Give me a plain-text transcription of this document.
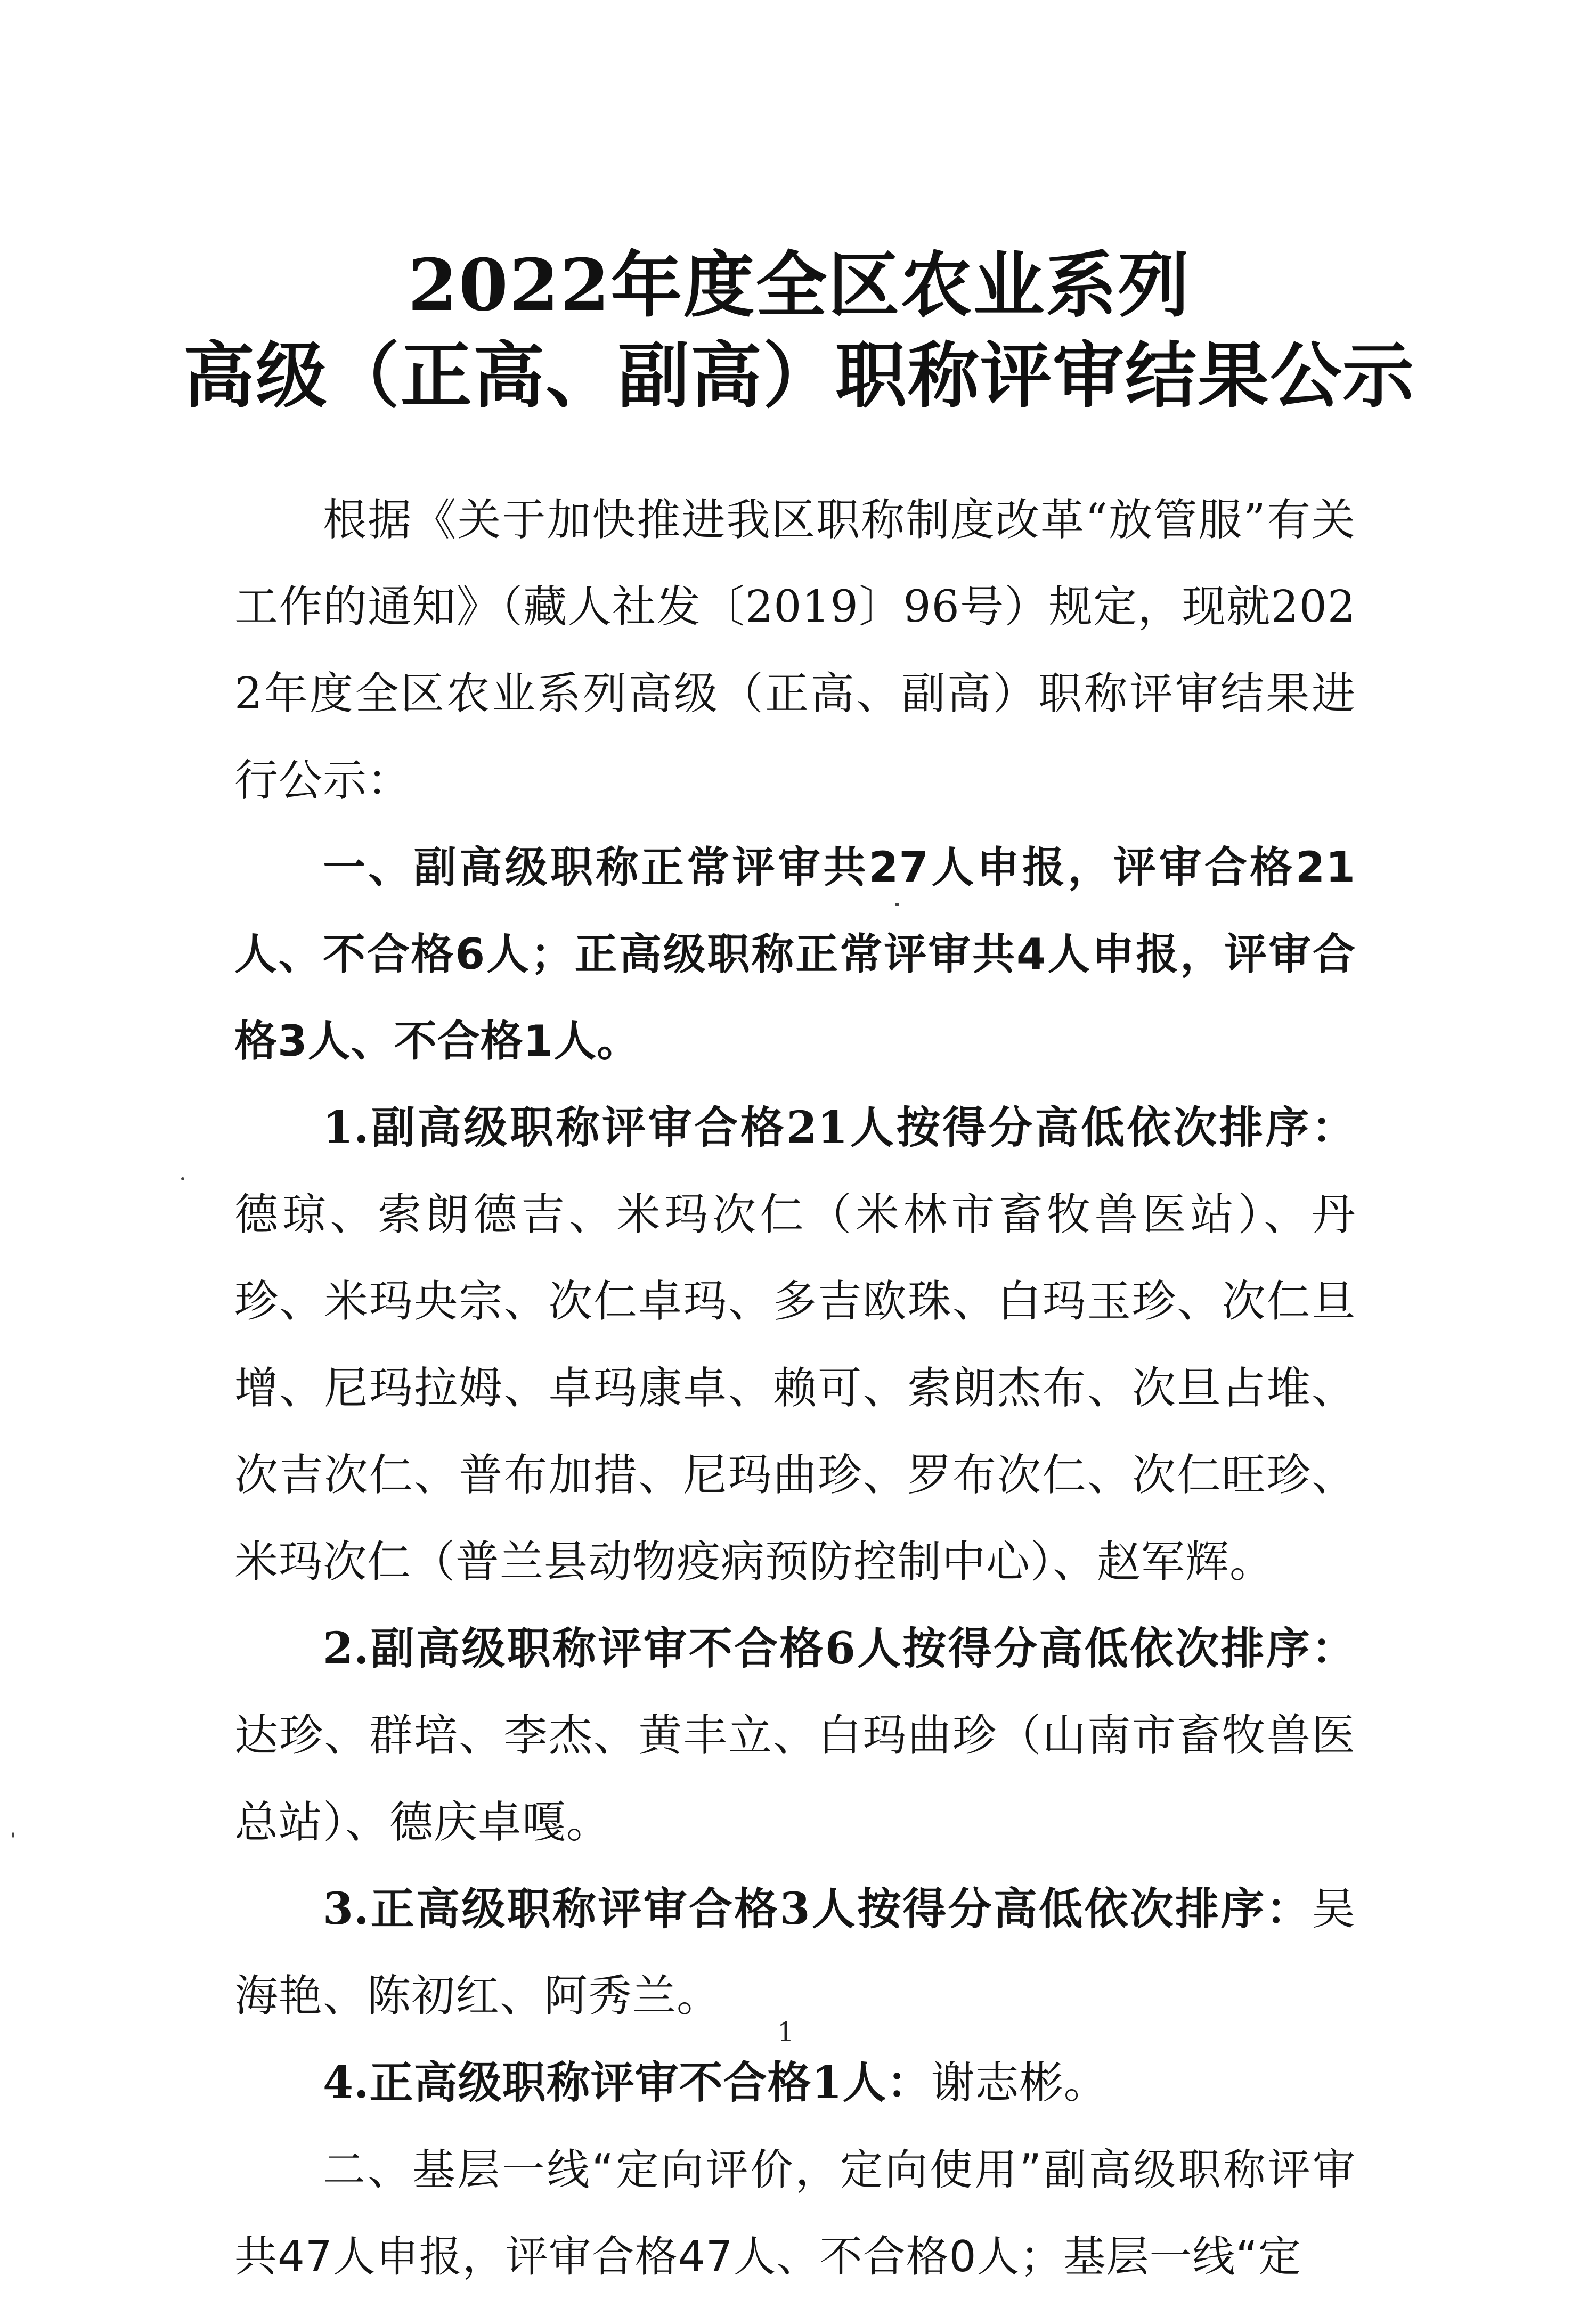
2022年度全区农业系列
高级（正高、副高）职称评审结果公示

根据《关于加快推进我区职称制度改革“放管服”有关工作的通知》（藏人社发〔2019〕96号）规定，现就2022年度全区农业系列高级（正高、副高）职称评审结果进行公示：

一、副高级职称正常评审共27人申报，评审合格21人、不合格6人；正高级职称正常评审共4人申报，评审合格3人、不合格1人。

1.副高级职称评审合格21人按得分高低依次排序：德琼、索朗德吉、米玛次仁（米林市畜牧兽医站）、丹珍、米玛央宗、次仁卓玛、多吉欧珠、白玛玉珍、次仁旦增、尼玛拉姆、卓玛康卓、赖可、索朗杰布、次旦占堆、次吉次仁、普布加措、尼玛曲珍、罗布次仁、次仁旺珍、米玛次仁（普兰县动物疫病预防控制中心）、赵军辉。

2.副高级职称评审不合格6人按得分高低依次排序：达珍、群培、李杰、黄丰立、白玛曲珍（山南市畜牧兽医总站）、德庆卓嘎。

3.正高级职称评审合格3人按得分高低依次排序：吴海艳、陈初红、阿秀兰。

4.正高级职称评审不合格1人：谢志彬。

二、基层一线“定向评价，定向使用”副高级职称评审共47人申报，评审合格47人、不合格0人；基层一线“定

1
